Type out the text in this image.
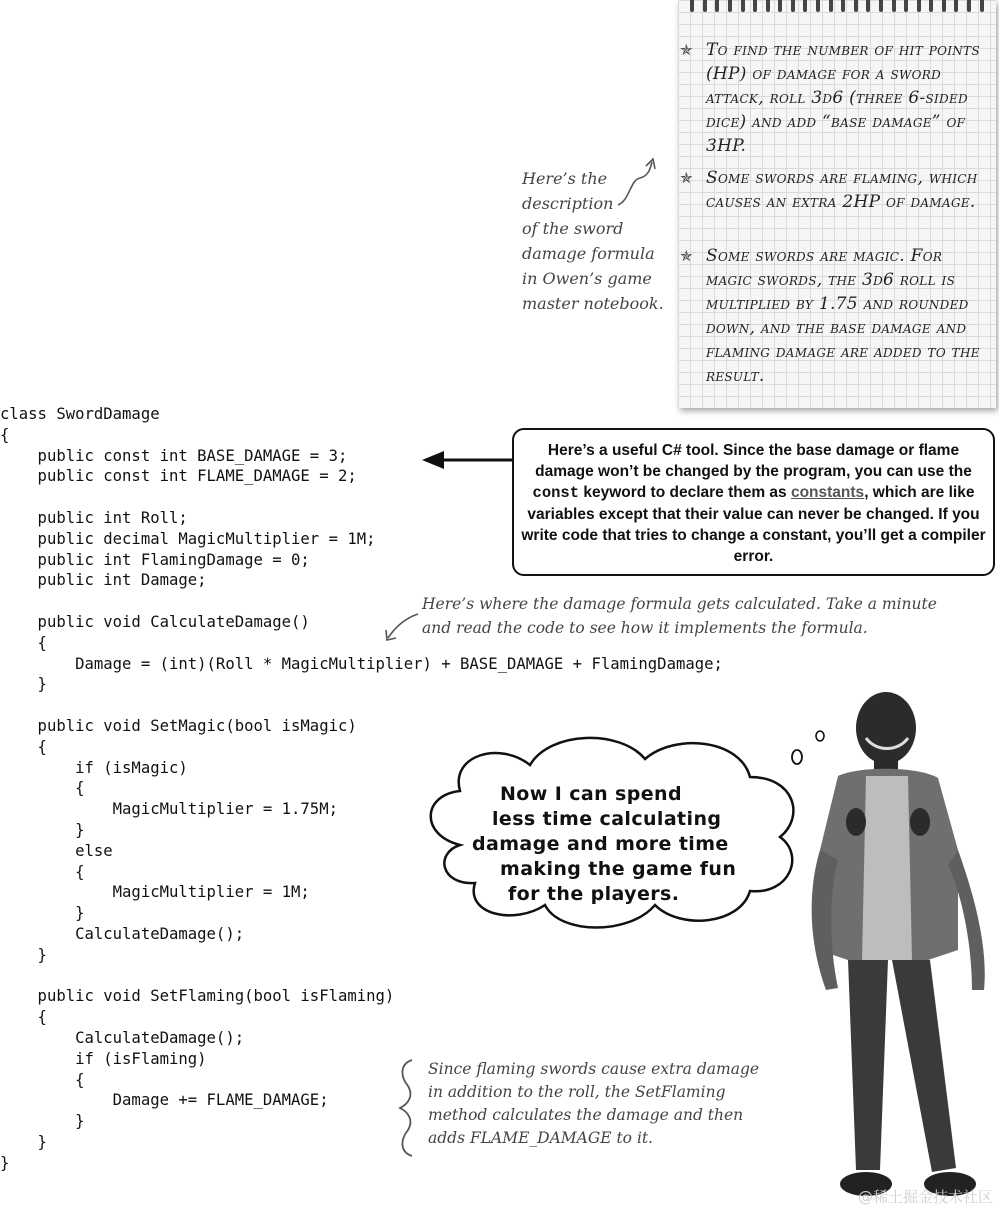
✯ To find the number of hit points (HP) of damage for a sword attack, roll 3d6 (three 6-sided dice) and add “base damage” of 3HP.
✯ Some swords are flaming, which causes an extra 2HP of damage.
✯ Some swords are magic. For magic swords, the 3d6 roll is multiplied by 1.75 and rounded down, and the base damage and flaming damage are added to the result.
Here’s the
description
of the sword
damage formula
in Owen’s game
master notebook.
class SwordDamage
{
public const int BASE_DAMAGE = 3;
public const int FLAME_DAMAGE = 2;
public int Roll;
public decimal MagicMultiplier = 1M;
public int FlamingDamage = 0;
public int Damage;
public void CalculateDamage()
{
Damage = (int)(Roll * MagicMultiplier) + BASE_DAMAGE + FlamingDamage;
}
public void SetMagic(bool isMagic)
{
if (isMagic)
{
MagicMultiplier = 1.75M;
}
else
{
MagicMultiplier = 1M;
}
CalculateDamage();
}
public void SetFlaming(bool isFlaming)
{
CalculateDamage();
if (isFlaming)
{
Damage += FLAME_DAMAGE;
}
}
}
Here’s a useful C# tool. Since the base damage or flame damage won’t be changed by the program, you can use the const keyword to declare them as constants, which are like variables except that their value can never be changed. If you write code that tries to change a constant, you’ll get a compiler error.
Here’s where the damage formula gets calculated. Take a minute
and read the code to see how it implements the formula.
Now I can spend
less time calculating
damage and more time
making the game fun
for the players.
Since flaming swords cause extra damage
in addition to the roll, the SetFlaming
method calculates the damage and then
adds FLAME_DAMAGE to it.
@稀土掘金技术社区
